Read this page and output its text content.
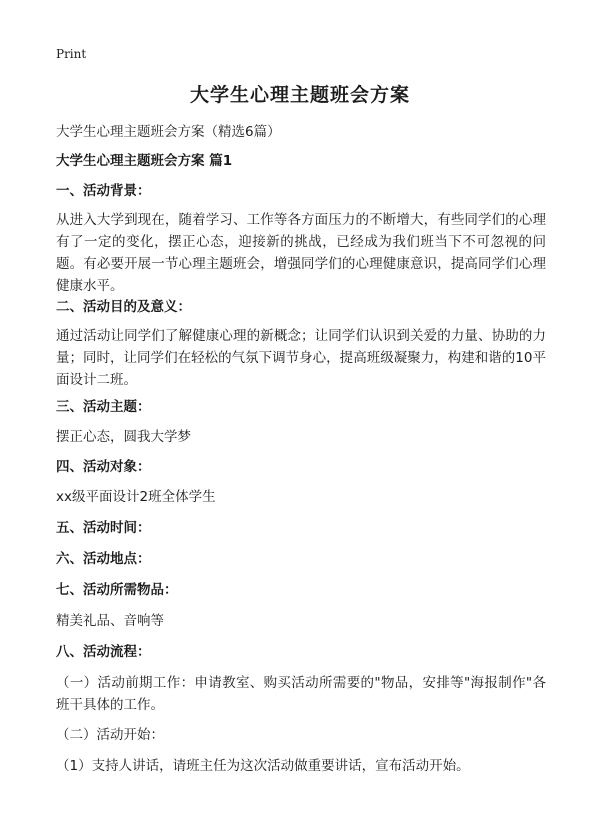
Print
大学生心理主题班会方案
大学生心理主题班会方案（精选6篇）
大学生心理主题班会方案 篇1
一、活动背景：
从进入大学到现在，随着学习、工作等各方面压力的不断增大，有些同学们的心理有了一定的变化，摆正心态，迎接新的挑战，已经成为我们班当下不可忽视的问题。有必要开展一节心理主题班会，增强同学们的心理健康意识，提高同学们心理健康水平。
二、活动目的及意义：
通过活动让同学们了解健康心理的新概念；让同学们认识到关爱的力量、协助的力量；同时，让同学们在轻松的气氛下调节身心，提高班级凝聚力，构建和谐的10平面设计二班。
三、活动主题：
摆正心态，圆我大学梦
四、活动对象：
xx级平面设计2班全体学生
五、活动时间：
六、活动地点：
七、活动所需物品：
精美礼品、音响等
八、活动流程：
（一）活动前期工作：申请教室、购买活动所需要的"物品，安排等"海报制作"各班干具体的工作。
（二）活动开始：
（1）支持人讲话，请班主任为这次活动做重要讲话，宣布活动开始。
